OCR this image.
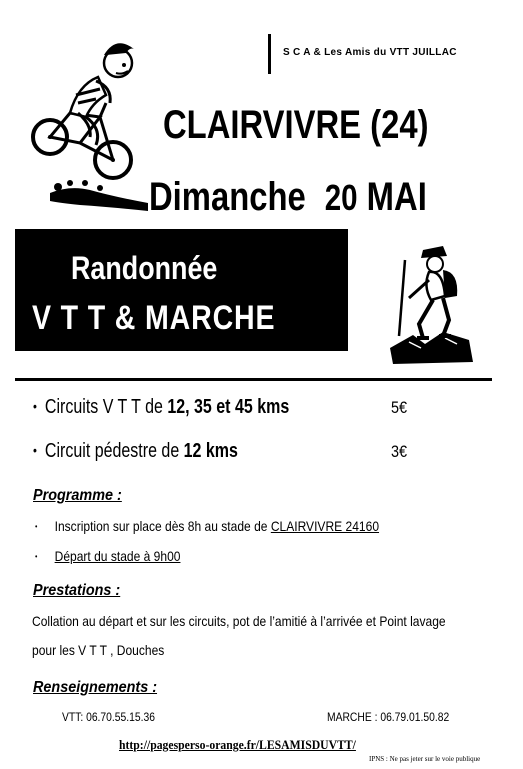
S C A & Les Amis du VTT JUILLAC
CLAIRVIVRE (24)
Dimanche 20 MAI
Randonnée
V T T & MARCHE
• Circuits V T T de 12, 35 et 45 kms	5€
• Circuit pédestre de 12 kms	3€
Programme :
• Inscription sur place dès 8h au stade de CLAIRVIVRE 24160
• Départ du stade à 9h00
Prestations :
Collation au départ et sur les circuits, pot de l’amitié à l’arrivée et Point lavage
pour les V T T , Douches
Renseignements :
VTT: 06.70.55.15.36	MARCHE : 06.79.01.50.82
http://pagesperso-orange.fr/LESAMISDUVTT/
IPNS : Ne pas jeter sur le voie publique
